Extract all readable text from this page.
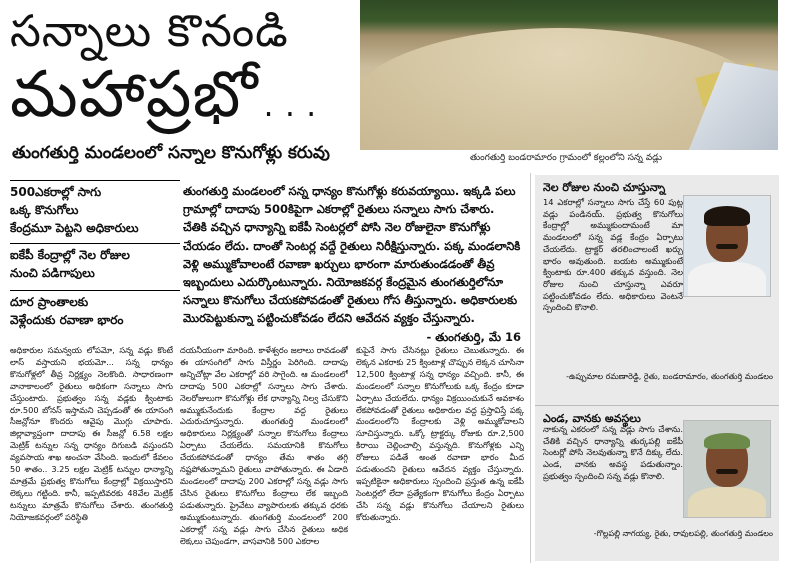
సన్నాలు కొనండి
మహాప్రభో...
తుంగతుర్తి మండలంలో సన్నాల కొనుగోళ్లు కరువు	తుంగతుర్తి బండరామారం గ్రామంలో కల్లంలోని సన్న వడ్లు
500ఎకరాల్లో సాగు
ఒక్క కొనుగోలు
కేంద్రమూ పెట్టని అధికారులు
ఐకేపీ కేంద్రాల్లో నెల రోజుల
నుంచి పడిగాపులు
దూర ప్రాంతాలకు
వెళ్లేందుకు రవాణా భారం
తుంగతుర్తి మండలంలో సన్న ధాన్యం కొనుగోళ్లు కరువయ్యాయి. ఇక్కడి పలు
గ్రామాల్లో దాదాపు 500కిపైగా ఎకరాల్లో రైతులు సన్నాలు సాగు చేశారు.
చేతికి వచ్చిన ధాన్యాన్ని ఐకేపీ సెంటర్లలో పోసి నెల రోజులైనా కొనుగోళ్లు
చేయడం లేదు. దాంతో సెంటర్ల వద్దే రైతులు నిరీక్షిస్తున్నారు. పక్క మండలానికి
వెళ్లి అమ్ముకోవాలంటే రవాణా ఖర్చులు భారంగా మారుతుండడంతో తీవ్ర
ఇబ్బందులు ఎదుర్కొంటున్నారు. నియోజకవర్గ కేంద్రమైన తుంగతుర్తిలోనూ
సన్నాలు కొనుగోలు చేయకపోవడంతో రైతులు గోస తీస్తున్నారు. అధికారులకు
మొరపెట్టుకున్నా పట్టించుకోవడం లేదని ఆవేదన వ్యక్తం చేస్తున్నారు.
- తుంగతుర్తి, మే 16
అధికారుల సమన్వయ లోపమో, సన్న వడ్లు కొంటే లాస్ వస్తాయని భయమో... సన్న ధాన్యం కొనుగోళ్లలో తీవ్ర నిర్లక్ష్యం నెలకొంది. సాధారణంగా వానాకాలంలో రైతులు అధికంగా సన్నాలు సాగు చేస్తుంటారు. ప్రభుత్వం సన్న వడ్లకు క్వింటాకు రూ.500 బోనస్ ఇస్తామని చెప్పడంతో ఈ యాసంగి సీజన్లోనూ కొందరు ఆవైపు మొగ్గు చూపారు. జిల్లావ్యాప్తంగా దాదాపు ఈ సీజన్లో 6.58 లక్షల మెట్రిక్ టన్నుల సన్న ధాన్యం దిగుబడి వస్తుందని వ్యవసాయ శాఖ అంచనా వేసింది. ఇందులో కేవలం 50 శాతం.. 3.25 లక్షల మెట్రిక్ టన్నుల ధాన్యాన్ని మాత్రమే ప్రభుత్వ కొనుగోలు కేంద్రాల్లో విక్రయిస్తారని లెక్కలు గట్టింది. కానీ, ఇప్పటివరకు 48వేల మెట్రిక్ టన్నులు మాత్రమే కొనుగోలు చేశారు. తుంగతుర్తి నియోజకవర్గంలో పరిస్థితి
దయనీయంగా మారింది. కాళేశ్వరం జలాలు రావడంతో ఈ యాసంగిలో సాగు విస్తీర్ణం పెరిగింది. దాదాపు అన్నిచోట్లా వేల ఎకరాల్లో వరి సాగైంది. ఆ మండలంలో దాదాపు 500 ఎకరాల్లో సన్నాలు సాగు చేశారు. నెలరోజులుగా కొనుగోళ్లు లేక ధాన్యాన్ని నిల్వ చేసుకొని అమ్ముకునేందుకు కేంద్రాల వద్ద రైతులు ఎదురుచూస్తున్నారు. తుంగతుర్తి మండలంలో అధికారులు నిర్లక్ష్యంతో సన్నాల కొనుగోలు కేంద్రాలు ఏర్పాటు చేయలేదు. సమయానికి కొనుగోలు చేయకపోవడంతో ధాన్యం తేమ శాతం తగ్గి నష్టపోతున్నామని రైతులు వాపోతున్నారు. ఈ ఏడాది మండలంలో దాదాపు 200 ఎకరాల్లో సన్న వడ్లు సాగు చేసిన రైతులు కొనుగోలు కేంద్రాలు లేక ఇబ్బంది పడుతున్నారు. ప్రైవేటు వ్యాపారులకు తక్కువ ధరకు అమ్ముకుంటున్నారు. తుంగతుర్తి మండలంలో 200 ఎకరాల్లో సన్న వడ్లు సాగు చేసిన రైతులు అధిక లెక్కలు చెప్తుండగా, వాస్తవానికి 500 ఎకరాల
కుపైనే సాగు చేసినట్లు రైతులు చెబుతున్నారు. ఈ లెక్కన ఎకరాకు 25 క్వింటాళ్ల చొప్పున లెక్కన చూసినా 12,500 క్వింటాళ్ల సన్న ధాన్యం వచ్చింది. కానీ, ఈ మండలంలో సన్నాల కొనుగోలుకు ఒక్క కేంద్రం కూడా ఏర్పాటు చేయలేదు. ధాన్యం విక్రయించుకునే అవకాశం లేకపోవడంతో రైతులు అధికారుల వద్ద ప్రస్తావిస్తే పక్క మండలంలోని కేంద్రాలకు వెళ్లి అమ్ముకోవాలని సూచిస్తున్నారు. ఒక్కో ట్రాక్టర్కు రోజుకు రూ.2,500 కిరాయి చెల్లించాల్సి వస్తున్నది. కొనుగోళ్లకు ఎన్ని రోజులు పడితే అంత రవాణా భారం మీద పడుతుందని రైతులు ఆవేదన వ్యక్తం చేస్తున్నారు. ఇప్పటికైనా అధికారులు స్పందించి ప్రస్తుత ఉన్న ఐకేపీ సెంటర్లలో లేదా ప్రత్యేకంగా కొనుగోలు కేంద్రం ఏర్పాటు చేసి సన్న వడ్లు కొనుగోలు చేయాలని రైతులు కోరుతున్నారు.
నెల రోజుల నుంచి చూస్తున్నా
14 ఎకరాల్లో సన్నాలు సాగు చేస్తే 60 పుట్ల వడ్లు పండినయ్. ప్రభుత్వ కొనుగోలు కేంద్రాల్లో అమ్ముకుందామంటే మా మండలంలో సన్న వడ్ల కేంద్రం ఏర్పాటు చేయలేదు. ట్రాక్టర్ తరలించాలంటే ఖర్చు భారం అవుతుంది. బయట అమ్ముకుంటే క్వింటాకు రూ.400 తక్కువ వస్తుంది. నెల రోజుల నుంచి చూస్తున్నా ఎవరూ పట్టించుకోవడం లేదు. అధికారులు వెంటనే స్పందించి కొనాలి.
-ఉప్పుమాల రమణారెడ్డి, రైతు, బండరామారం, తుంగతుర్తి మండలం
ఎండ, వానకు అవస్థలు
నాకున్న ఎకరంలో సన్న వడ్లు సాగు చేశాను. చేతికి వచ్చిన ధాన్యాన్ని తుర్కపల్లి ఐకేపీ సెంటర్లో పోసి నెలవుతున్నా కొనే దిక్కు లేదు. ఎండ, వానకు అవస్థ పడుతున్నాం. ప్రభుత్వం స్పందించి సన్న వడ్లు కొనాలి.
-గొల్లపల్లి నాగయ్య, రైతు, రావులపల్లి, తుంగతుర్తి మండలం
